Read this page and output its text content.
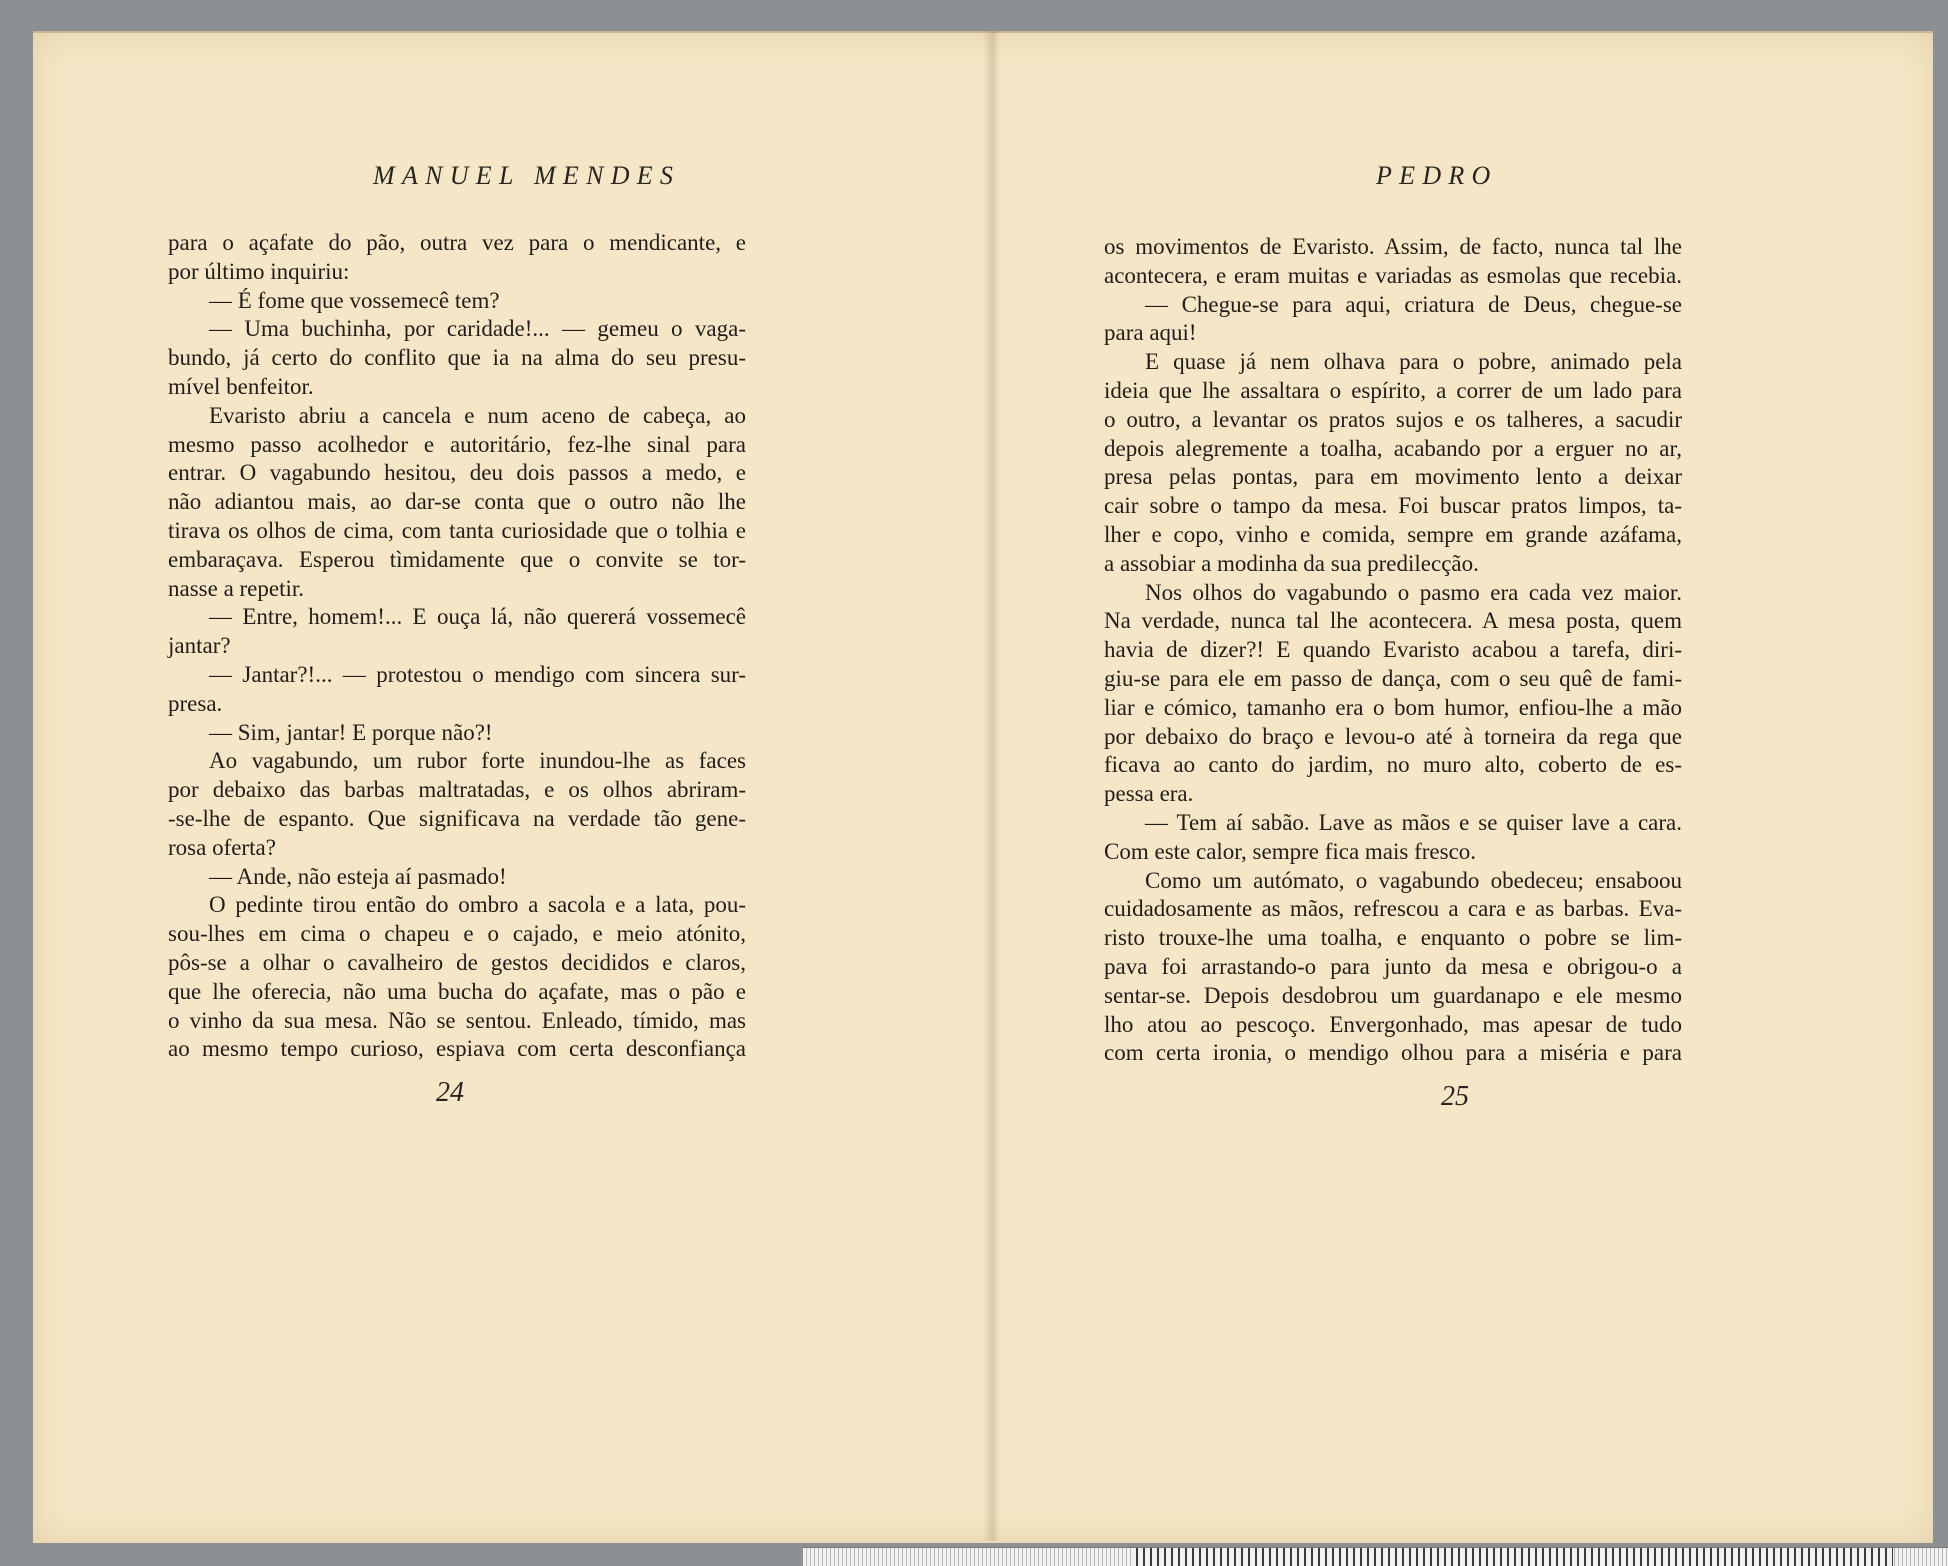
MANUEL MENDES
para o açafate do pão, outra vez para o mendicante, e
por último inquiriu:
— É fome que vossemecê tem?
— Uma buchinha, por caridade!... — gemeu o vaga-
bundo, já certo do conflito que ia na alma do seu presu-
mível benfeitor.
Evaristo abriu a cancela e num aceno de cabeça, ao
mesmo passo acolhedor e autoritário, fez-lhe sinal para
entrar. O vagabundo hesitou, deu dois passos a medo, e
não adiantou mais, ao dar-se conta que o outro não lhe
tirava os olhos de cima, com tanta curiosidade que o tolhia e
embaraçava. Esperou tìmidamente que o convite se tor-
nasse a repetir.
— Entre, homem!... E ouça lá, não quererá vossemecê
jantar?
— Jantar?!... — protestou o mendigo com sincera sur-
presa.
— Sim, jantar! E porque não?!
Ao vagabundo, um rubor forte inundou-lhe as faces
por debaixo das barbas maltratadas, e os olhos abriram-
-se-lhe de espanto. Que significava na verdade tão gene-
rosa oferta?
— Ande, não esteja aí pasmado!
O pedinte tirou então do ombro a sacola e a lata, pou-
sou-lhes em cima o chapeu e o cajado, e meio atónito,
pôs-se a olhar o cavalheiro de gestos decididos e claros,
que lhe oferecia, não uma bucha do açafate, mas o pão e
o vinho da sua mesa. Não se sentou. Enleado, tímido, mas
ao mesmo tempo curioso, espiava com certa desconfiança
24
PEDRO
os movimentos de Evaristo. Assim, de facto, nunca tal lhe
acontecera, e eram muitas e variadas as esmolas que recebia.
— Chegue-se para aqui, criatura de Deus, chegue-se
para aqui!
E quase já nem olhava para o pobre, animado pela
ideia que lhe assaltara o espírito, a correr de um lado para
o outro, a levantar os pratos sujos e os talheres, a sacudir
depois alegremente a toalha, acabando por a erguer no ar,
presa pelas pontas, para em movimento lento a deixar
cair sobre o tampo da mesa. Foi buscar pratos limpos, ta-
lher e copo, vinho e comida, sempre em grande azáfama,
a assobiar a modinha da sua predilecção.
Nos olhos do vagabundo o pasmo era cada vez maior.
Na verdade, nunca tal lhe acontecera. A mesa posta, quem
havia de dizer?! E quando Evaristo acabou a tarefa, diri-
giu-se para ele em passo de dança, com o seu quê de fami-
liar e cómico, tamanho era o bom humor, enfiou-lhe a mão
por debaixo do braço e levou-o até à torneira da rega que
ficava ao canto do jardim, no muro alto, coberto de es-
pessa era.
— Tem aí sabão. Lave as mãos e se quiser lave a cara.
Com este calor, sempre fica mais fresco.
Como um autómato, o vagabundo obedeceu; ensaboou
cuidadosamente as mãos, refrescou a cara e as barbas. Eva-
risto trouxe-lhe uma toalha, e enquanto o pobre se lim-
pava foi arrastando-o para junto da mesa e obrigou-o a
sentar-se. Depois desdobrou um guardanapo e ele mesmo
lho atou ao pescoço. Envergonhado, mas apesar de tudo
com certa ironia, o mendigo olhou para a miséria e para
25
